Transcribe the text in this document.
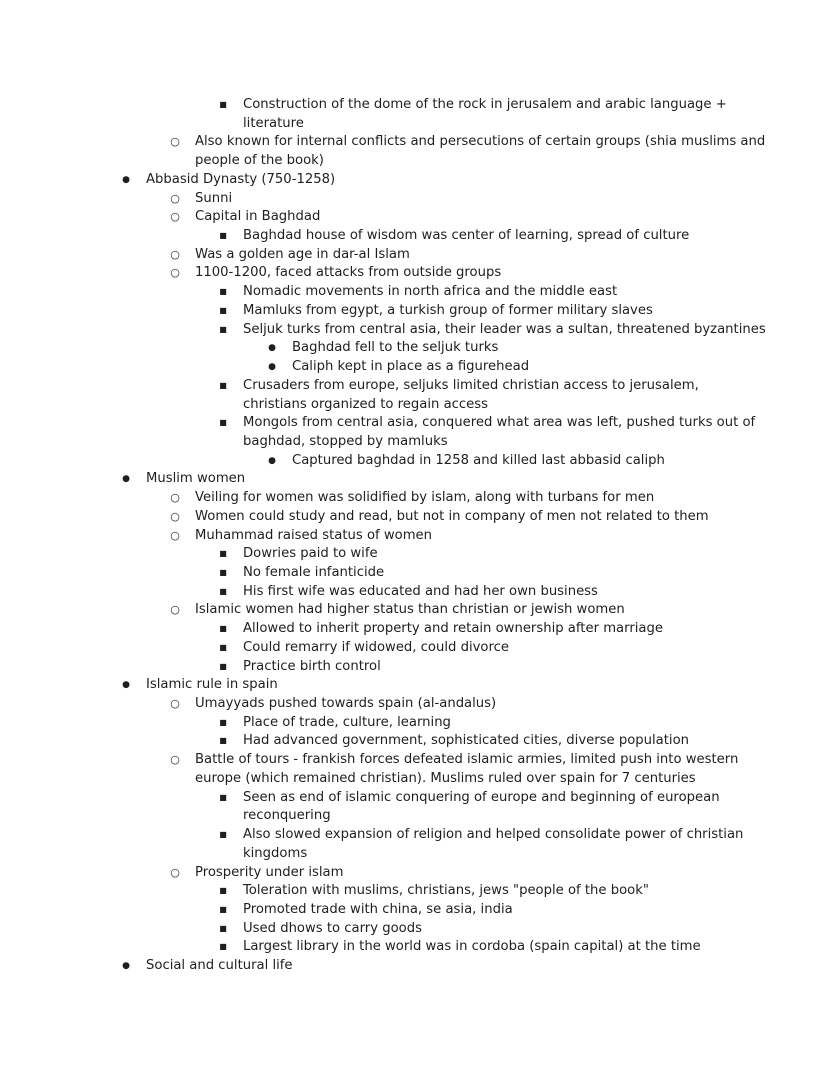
■	Construction of the dome of the rock in jerusalem and arabic language +
literature
○	Also known for internal conflicts and persecutions of certain groups (shia muslims and
people of the book)
●	Abbasid Dynasty (750-1258)
○	Sunni
○	Capital in Baghdad
■	Baghdad house of wisdom was center of learning, spread of culture
○	Was a golden age in dar-al Islam
○	1100-1200, faced attacks from outside groups
■	Nomadic movements in north africa and the middle east
■	Mamluks from egypt, a turkish group of former military slaves
■	Seljuk turks from central asia, their leader was a sultan, threatened byzantines
●	Baghdad fell to the seljuk turks
●	Caliph kept in place as a figurehead
■	Crusaders from europe, seljuks limited christian access to jerusalem,
christians organized to regain access
■	Mongols from central asia, conquered what area was left, pushed turks out of
baghdad, stopped by mamluks
●	Captured baghdad in 1258 and killed last abbasid caliph
●	Muslim women
○	Veiling for women was solidified by islam, along with turbans for men
○	Women could study and read, but not in company of men not related to them
○	Muhammad raised status of women
■	Dowries paid to wife
■	No female infanticide
■	His first wife was educated and had her own business
○	Islamic women had higher status than christian or jewish women
■	Allowed to inherit property and retain ownership after marriage
■	Could remarry if widowed, could divorce
■	Practice birth control
●	Islamic rule in spain
○	Umayyads pushed towards spain (al-andalus)
■	Place of trade, culture, learning
■	Had advanced government, sophisticated cities, diverse population
○	Battle of tours - frankish forces defeated islamic armies, limited push into western
europe (which remained christian). Muslims ruled over spain for 7 centuries
■	Seen as end of islamic conquering of europe and beginning of european
reconquering
■	Also slowed expansion of religion and helped consolidate power of christian
kingdoms
○	Prosperity under islam
■	Toleration with muslims, christians, jews "people of the book"
■	Promoted trade with china, se asia, india
■	Used dhows to carry goods
■	Largest library in the world was in cordoba (spain capital) at the time
●	Social and cultural life
